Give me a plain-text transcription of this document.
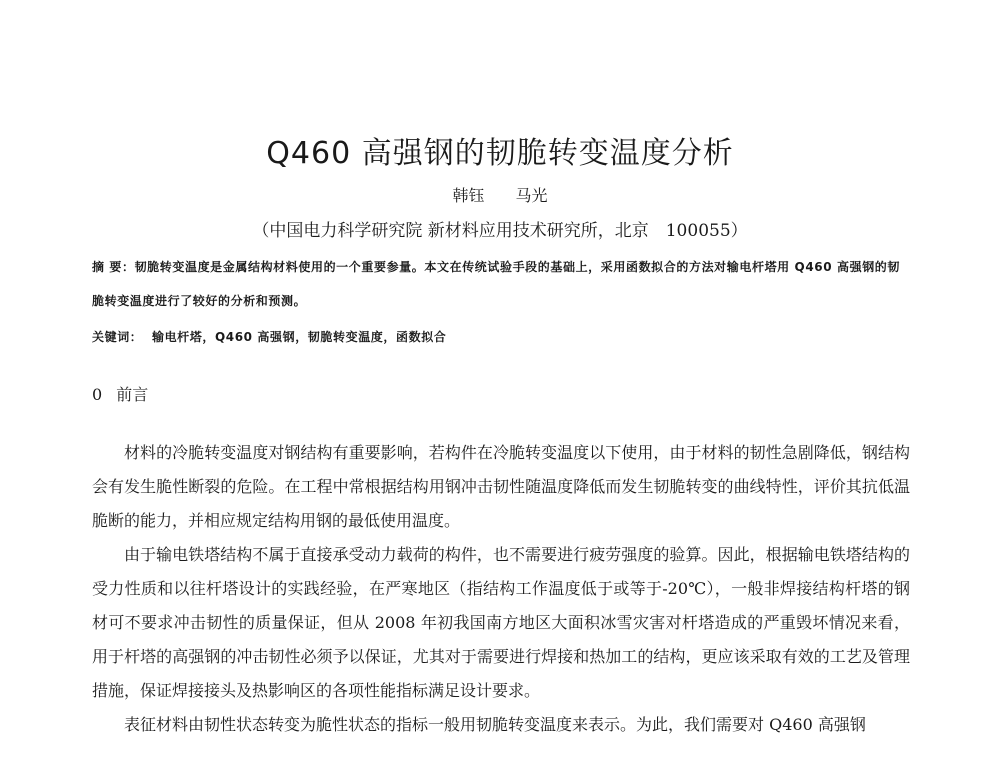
Q460 高强钢的韧脆转变温度分析
韩钰 马光
（中国电力科学研究院 新材料应用技术研究所，北京　100055）
摘 要：韧脆转变温度是金属结构材料使用的一个重要参量。本文在传统试验手段的基础上，采用函数拟合的方法对输电杆塔用 Q460 高强钢的韧脆转变温度进行了较好的分析和预测。
关键词： 输电杆塔，Q460 高强钢，韧脆转变温度，函数拟合
0 前言

材料的冷脆转变温度对钢结构有重要影响，若构件在冷脆转变温度以下使用，由于材料的韧性急剧降低，钢结构会有发生脆性断裂的危险。在工程中常根据结构用钢冲击韧性随温度降低而发生韧脆转变的曲线特性，评价其抗低温脆断的能力，并相应规定结构用钢的最低使用温度。

由于输电铁塔结构不属于直接承受动力载荷的构件，也不需要进行疲劳强度的验算。因此，根据输电铁塔结构的受力性质和以往杆塔设计的实践经验，在严寒地区（指结构工作温度低于或等于-20℃），一般非焊接结构杆塔的钢材可不要求冲击韧性的质量保证，但从 2008 年初我国南方地区大面积冰雪灾害对杆塔造成的严重毁坏情况来看，用于杆塔的高强钢的冲击韧性必须予以保证，尤其对于需要进行焊接和热加工的结构，更应该采取有效的工艺及管理措施，保证焊接接头及热影响区的各项性能指标满足设计要求。

表征材料由韧性状态转变为脆性状态的指标一般用韧脆转变温度来表示。为此，我们需要对 Q460 高强钢
